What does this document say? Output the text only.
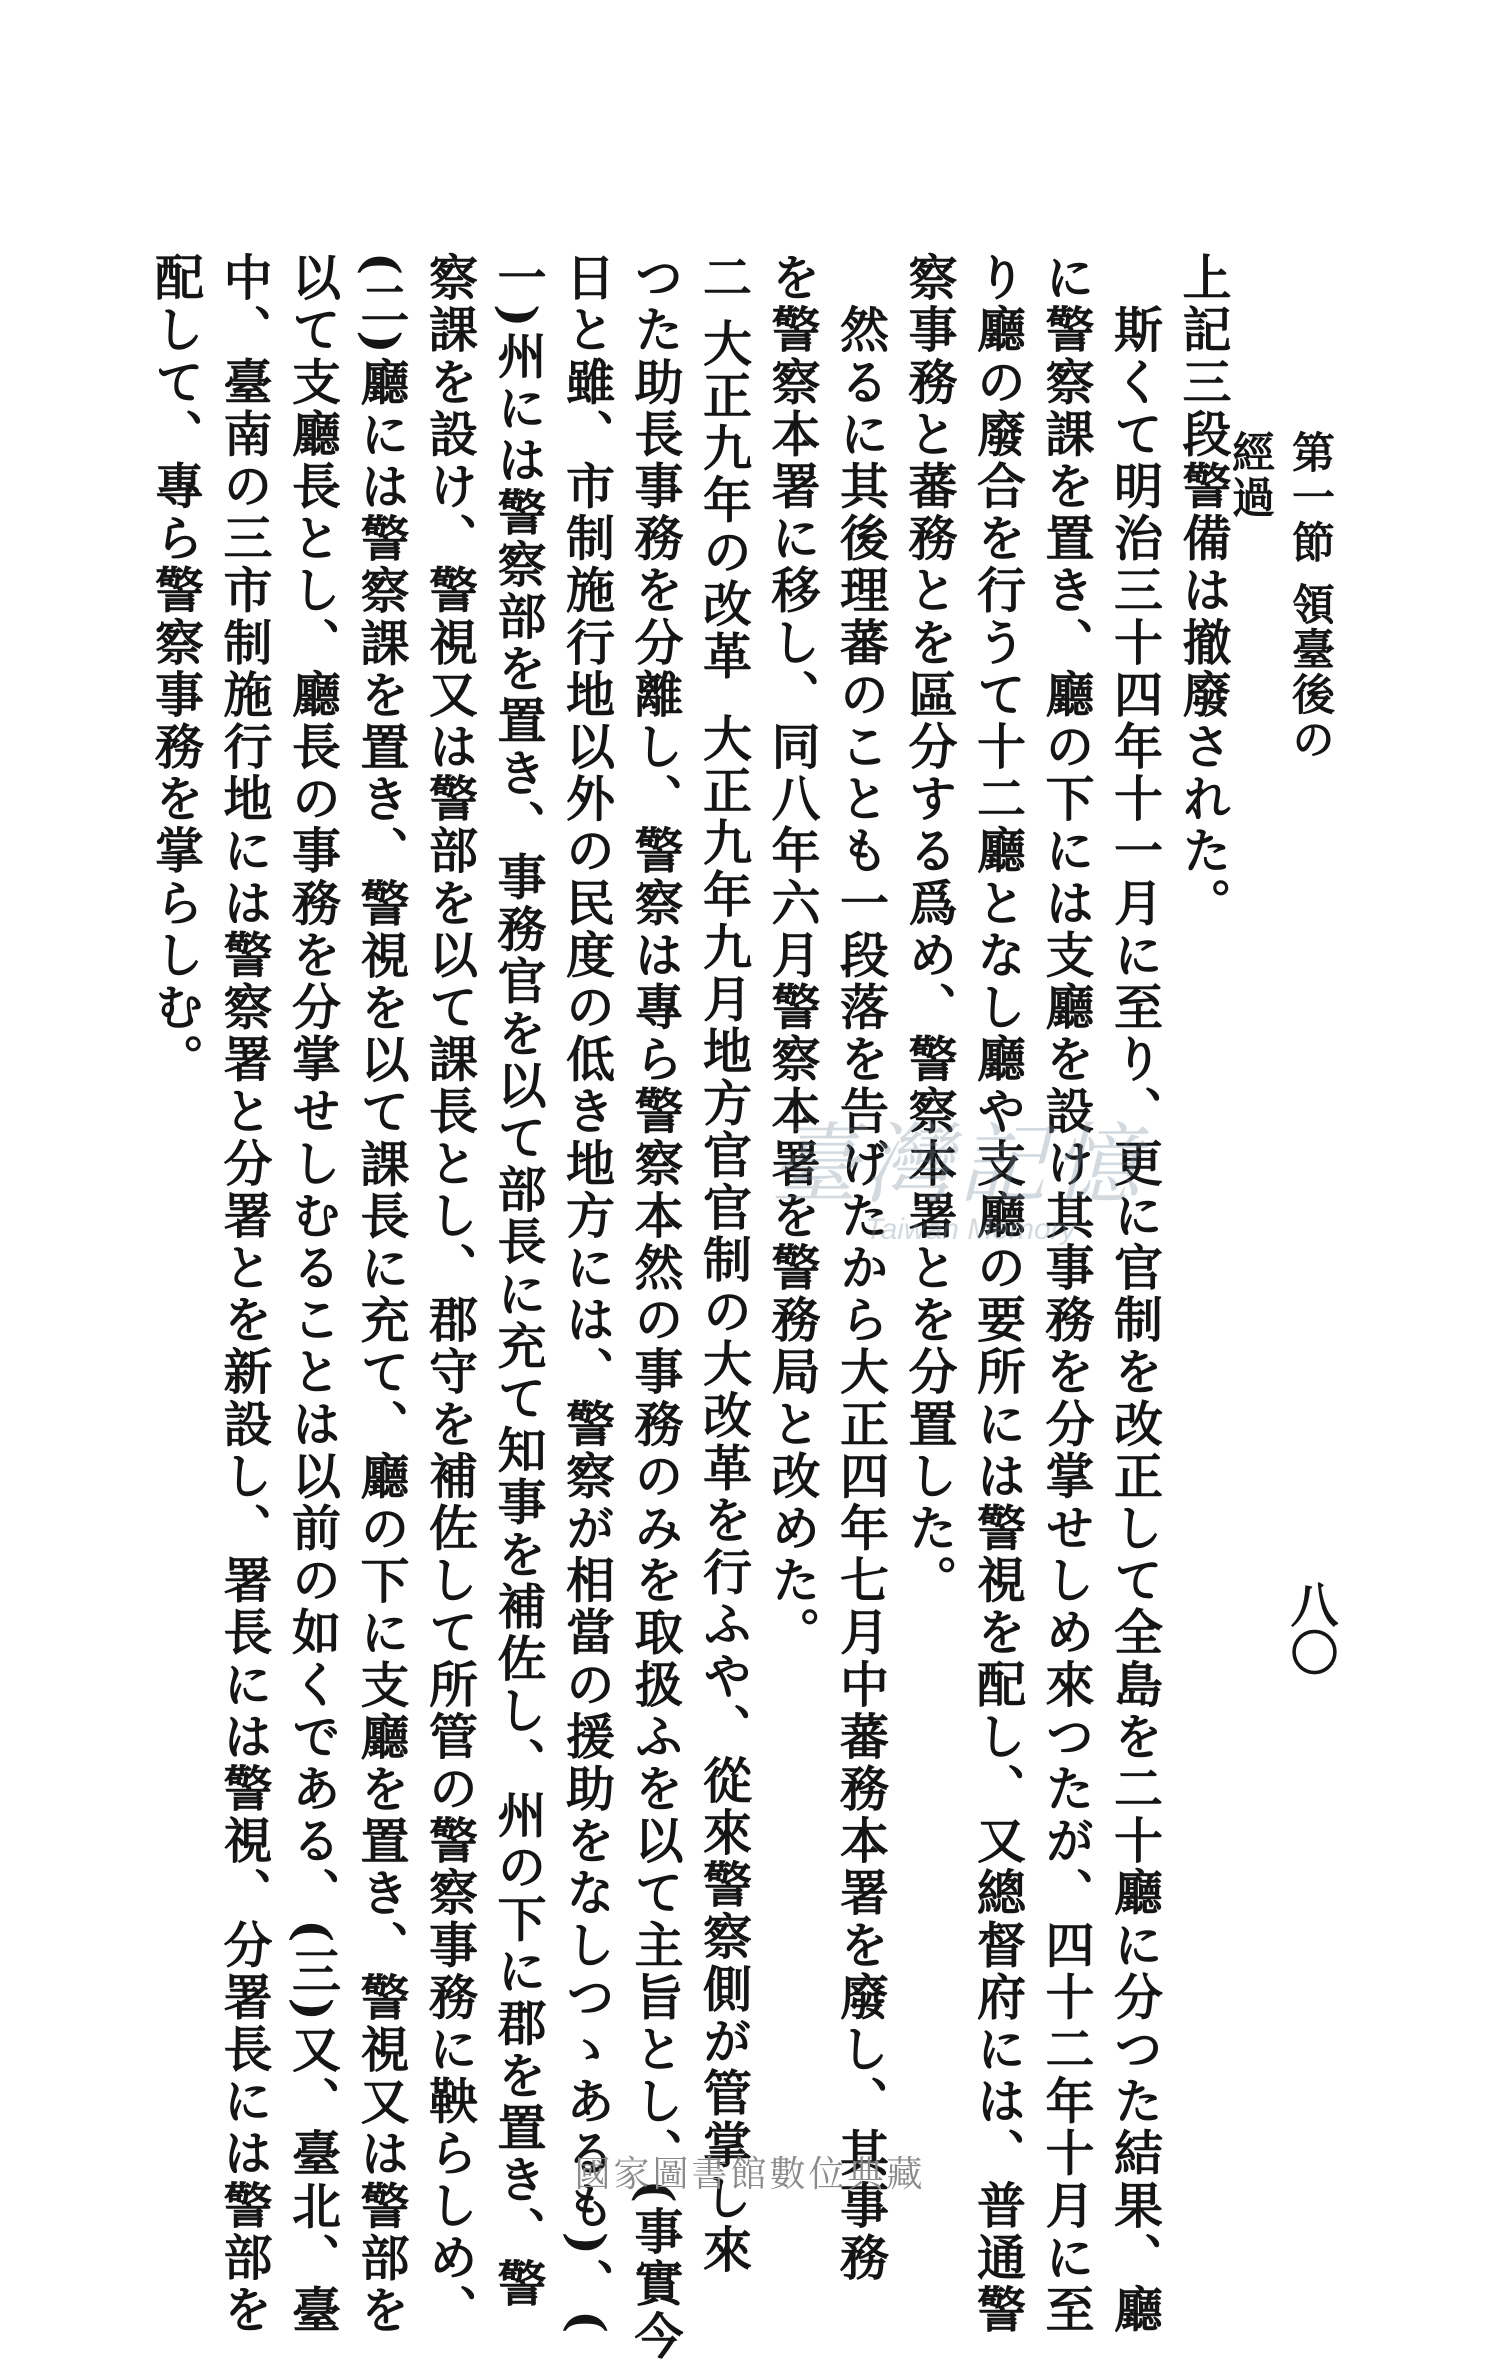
第一節 領臺後の經過
八〇
上記三段警備は撤廢された。
　斯くて明治三十四年十一月に至り、更に官制を改正して全島を二十廳に分つた結果、廳
に警察課を置き、廳の下には支廳を設け其事務を分掌せしめ來つたが、四十二年十月に至
り廳の廢合を行うて十二廳となし廳や支廳の要所には警視を配し、又總督府には、普通警
察事務と蕃務とを區分する爲め、警察本署とを分置した。
　然るに其後理蕃のことも一段落を告げたから大正四年七月中蕃務本署を廢し、其事務
を警察本署に移し、同八年六月警察本署を警務局と改めた。
二大正九年の改革大正九年九月地方官官制の大改革を行ふや、從來警察側が管掌し來
つた助長事務を分離し、警察は專ら警察本然の事務のみを取扱ふを以て主旨とし、(事實今
日と雖、市制施行地以外の民度の低き地方には、警察が相當の援助をなしつゝあるも)、(
一)州には警察部を置き、事務官を以て部長に充て知事を補佐し、州の下に郡を置き、警
察課を設け、警視又は警部を以て課長とし、郡守を補佐して所管の警察事務に鞅らしめ、
(二)廳には警察課を置き、警視を以て課長に充て、廳の下に支廳を置き、警視又は警部を
以て支廳長とし、廳長の事務を分掌せしむることは以前の如くである、(三)又、臺北、臺
中、臺南の三市制施行地には警察署と分署とを新設し、署長には警視、分署長には警部を
配して、專ら警察事務を掌らしむ。
臺灣記憶
Taiwan Memory
國家圖書館數位典藏
